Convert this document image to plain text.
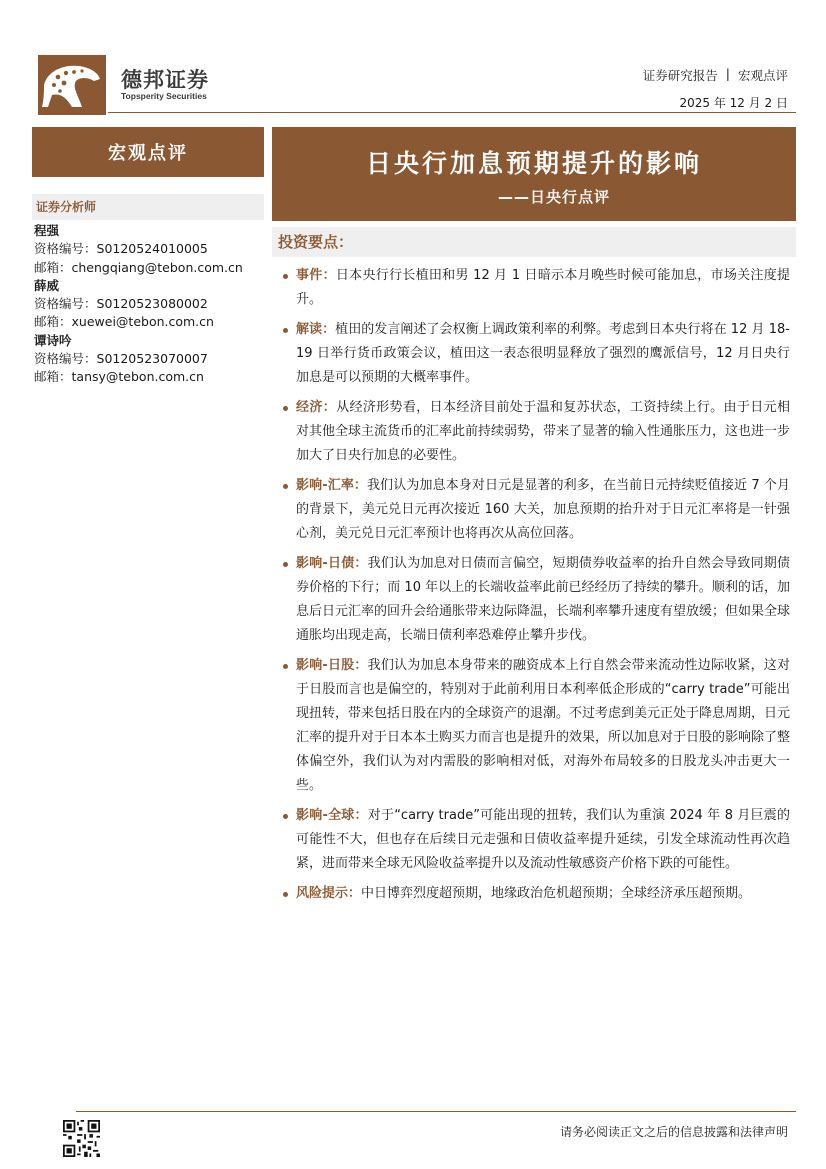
德邦证券
Topsperity Securities
证券研究报告 | 宏观点评
2025 年 12 月 2 日
宏观点评
证券分析师
程强
资格编号：S0120524010005
邮箱：chengqiang@tebon.com.cn
薛威
资格编号：S0120523080002
邮箱：xuewei@tebon.com.cn
谭诗吟
资格编号：S0120523070007
邮箱：tansy@tebon.com.cn
日央行加息预期提升的影响
——日央行点评
投资要点：
事件：日本央行行长植田和男 12 月 1 日暗示本月晚些时候可能加息，市场关注度提升。
解读：植田的发言阐述了会权衡上调政策利率的利弊。考虑到日本央行将在 12 月 18-19 日举行货币政策会议，植田这一表态很明显释放了强烈的鹰派信号，12 月日央行加息是可以预期的大概率事件。
经济：从经济形势看，日本经济目前处于温和复苏状态，工资持续上行。由于日元相对其他全球主流货币的汇率此前持续弱势，带来了显著的输入性通胀压力，这也进一步加大了日央行加息的必要性。
影响-汇率：我们认为加息本身对日元是显著的利多，在当前日元持续贬值接近 7 个月的背景下，美元兑日元再次接近 160 大关，加息预期的抬升对于日元汇率将是一针强心剂，美元兑日元汇率预计也将再次从高位回落。
影响-日债：我们认为加息对日债而言偏空，短期债券收益率的抬升自然会导致同期债券价格的下行；而 10 年以上的长端收益率此前已经经历了持续的攀升。顺利的话，加息后日元汇率的回升会给通胀带来边际降温，长端利率攀升速度有望放缓；但如果全球通胀均出现走高，长端日债利率恐难停止攀升步伐。
影响-日股：我们认为加息本身带来的融资成本上行自然会带来流动性边际收紧，这对于日股而言也是偏空的，特别对于此前利用日本利率低企形成的“carry trade”可能出现扭转，带来包括日股在内的全球资产的退潮。不过考虑到美元正处于降息周期，日元汇率的提升对于日本本土购买力而言也是提升的效果，所以加息对于日股的影响除了整体偏空外，我们认为对内需股的影响相对低，对海外布局较多的日股龙头冲击更大一些。
影响-全球：对于“carry trade”可能出现的扭转，我们认为重演 2024 年 8 月巨震的可能性不大，但也存在后续日元走强和日债收益率提升延续，引发全球流动性再次趋紧，进而带来全球无风险收益率提升以及流动性敏感资产价格下跌的可能性。
风险提示：中日博弈烈度超预期，地缘政治危机超预期；全球经济承压超预期。
请务必阅读正文之后的信息披露和法律声明
